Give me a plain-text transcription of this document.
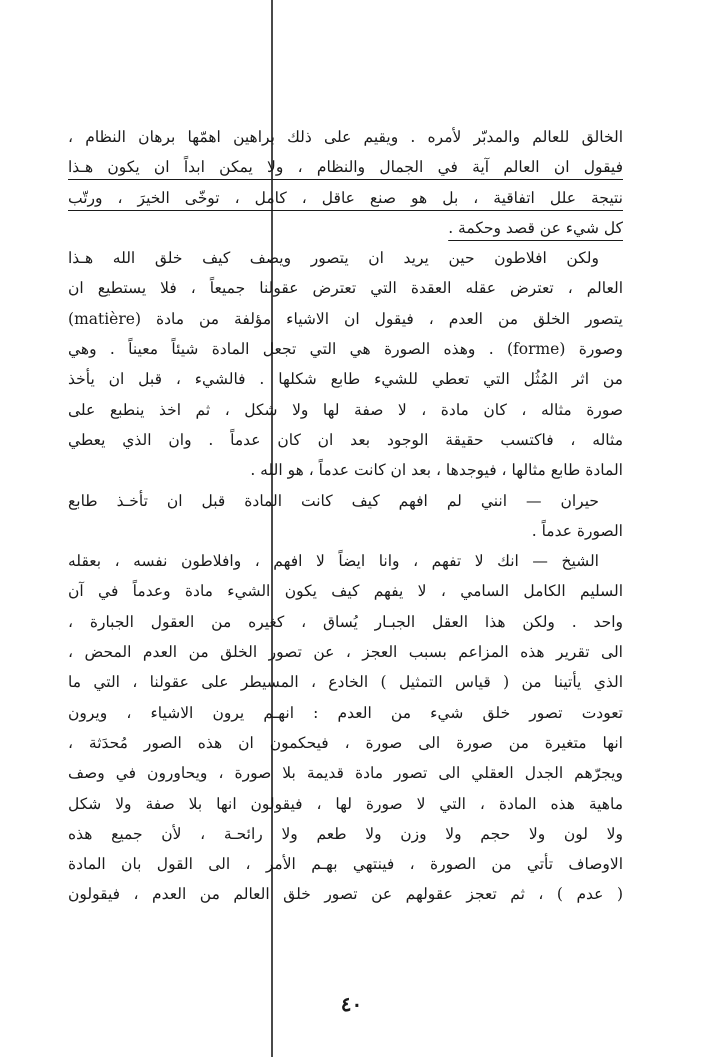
الخالق للعالم والمدبّر لأمره . ويقيم على ذلك براهين اهمّها برهان النظام ،
فيقول ان العالم آية في الجمال والنظام ، ولا يمكن ابداً ان يكون هـذا
نتيجة علل اتفاقية ، بل هو صنع عاقل ، كامل ، توخّى الخيرَ ، ورتّب
كل شيء عن قصد وحكمة .
ولكن افلاطون حين يريد ان يتصور ويصف كيف خلق الله هـذا
العالم ، تعترض عقله العقدة التي تعترض عقولنا جميعاً ، فلا يستطيع ان
يتصور الخلق من العدم ، فيقول ان الاشياء مؤلفة من مادة (matière)
وصورة (forme) . وهذه الصورة هي التي تجعل المادة شيئاً معيناً . وهي
من اثر المُثُل التي تعطي للشيء طابع شكلها . فالشيء ، قبل ان يأخذ
صورة مثاله ، كان مادة ، لا صفة لها ولا شكل ، ثم اخذ ينطبع على
مثاله ، فاكتسب حقيقة الوجود بعد ان كان عدماً . وان الذي يعطي
المادة طابع مثالها ، فيوجدها ، بعد ان كانت عدماً ، هو الله .
حيران — انني لم افهم كيف كانت المادة قبل ان تأخـذ طابع
الصورة عدماً .
الشيخ — انك لا تفهم ، وانا ايضاً لا افهم ، وافلاطون نفسه ، بعقله
السليم الكامل السامي ، لا يفهم كيف يكون الشيء مادة وعدماً في آن
واحد . ولكن هذا العقل الجبـار يُساق ، كغيره من العقول الجبارة ،
الى تقرير هذه المزاعم بسبب العجز ، عن تصور الخلق من العدم المحض ،
الذي يأتينا من ( قياس التمثيل ) الخادع ، المسيطر على عقولنا ، التي ما
تعودت تصور خلق شيء من العدم : انهـم يرون الاشياء ، ويرون
انها متغيرة من صورة الى صورة ، فيحكمون ان هذه الصور مُحدَثة ،
ويجرّهم الجدل العقلي الى تصور مادة قديمة بلا صورة ، ويحاورون في وصف
ماهية هذه المادة ، التي لا صورة لها ، فيقولون انها بلا صفة ولا شكل
ولا لون ولا حجم ولا وزن ولا طعم ولا رائحـة ، لأن جميع هذه
الاوصاف تأتي من الصورة ، فينتهي بهـم الأمر ، الى القول بان المادة
( عدم ) ، ثم تعجز عقولهم عن تصور خلق العالم من العدم ، فيقولون
٤٠
